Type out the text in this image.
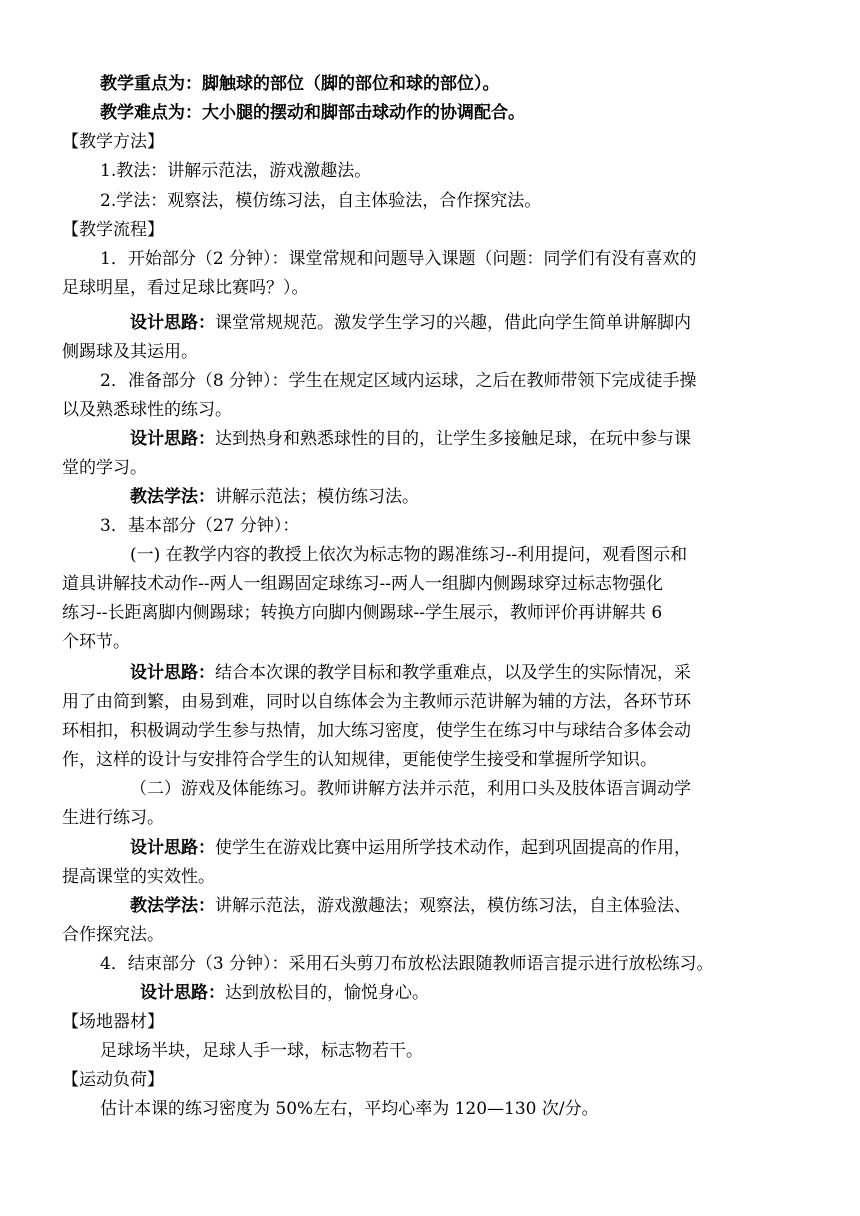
教学重点为：脚触球的部位（脚的部位和球的部位）。
教学难点为：大小腿的摆动和脚部击球动作的协调配合。
【教学方法】
1.教法：讲解示范法，游戏激趣法。
2.学法：观察法，模仿练习法，自主体验法，合作探究法。
【教学流程】
1．开始部分（2 分钟）：课堂常规和问题导入课题（问题：同学们有没有喜欢的
足球明星，看过足球比赛吗？）。
设计思路：课堂常规规范。激发学生学习的兴趣，借此向学生简单讲解脚内
侧踢球及其运用。
2．准备部分（8 分钟）：学生在规定区域内运球，之后在教师带领下完成徒手操
以及熟悉球性的练习。
设计思路：达到热身和熟悉球性的目的，让学生多接触足球，在玩中参与课
堂的学习。
教法学法：讲解示范法；模仿练习法。
3．基本部分（27 分钟）：
(一) 在教学内容的教授上依次为标志物的踢准练习--利用提问，观看图示和
道具讲解技术动作--两人一组踢固定球练习--两人一组脚内侧踢球穿过标志物强化
练习--长距离脚内侧踢球；转换方向脚内侧踢球--学生展示，教师评价再讲解共 6
个环节。
设计思路：结合本次课的教学目标和教学重难点，以及学生的实际情况，采
用了由简到繁，由易到难，同时以自练体会为主教师示范讲解为辅的方法，各环节环
环相扣，积极调动学生参与热情，加大练习密度，使学生在练习中与球结合多体会动
作，这样的设计与安排符合学生的认知规律，更能使学生接受和掌握所学知识。
（二）游戏及体能练习。教师讲解方法并示范，利用口头及肢体语言调动学
生进行练习。
设计思路：使学生在游戏比赛中运用所学技术动作，起到巩固提高的作用，
提高课堂的实效性。
教法学法：讲解示范法，游戏激趣法；观察法，模仿练习法，自主体验法、
合作探究法。
4．结束部分（3 分钟）：采用石头剪刀布放松法跟随教师语言提示进行放松练习。
设计思路：达到放松目的，愉悦身心。
【场地器材】
足球场半块，足球人手一球，标志物若干。
【运动负荷】
估计本课的练习密度为 50%左右，平均心率为 120—130 次/分。
